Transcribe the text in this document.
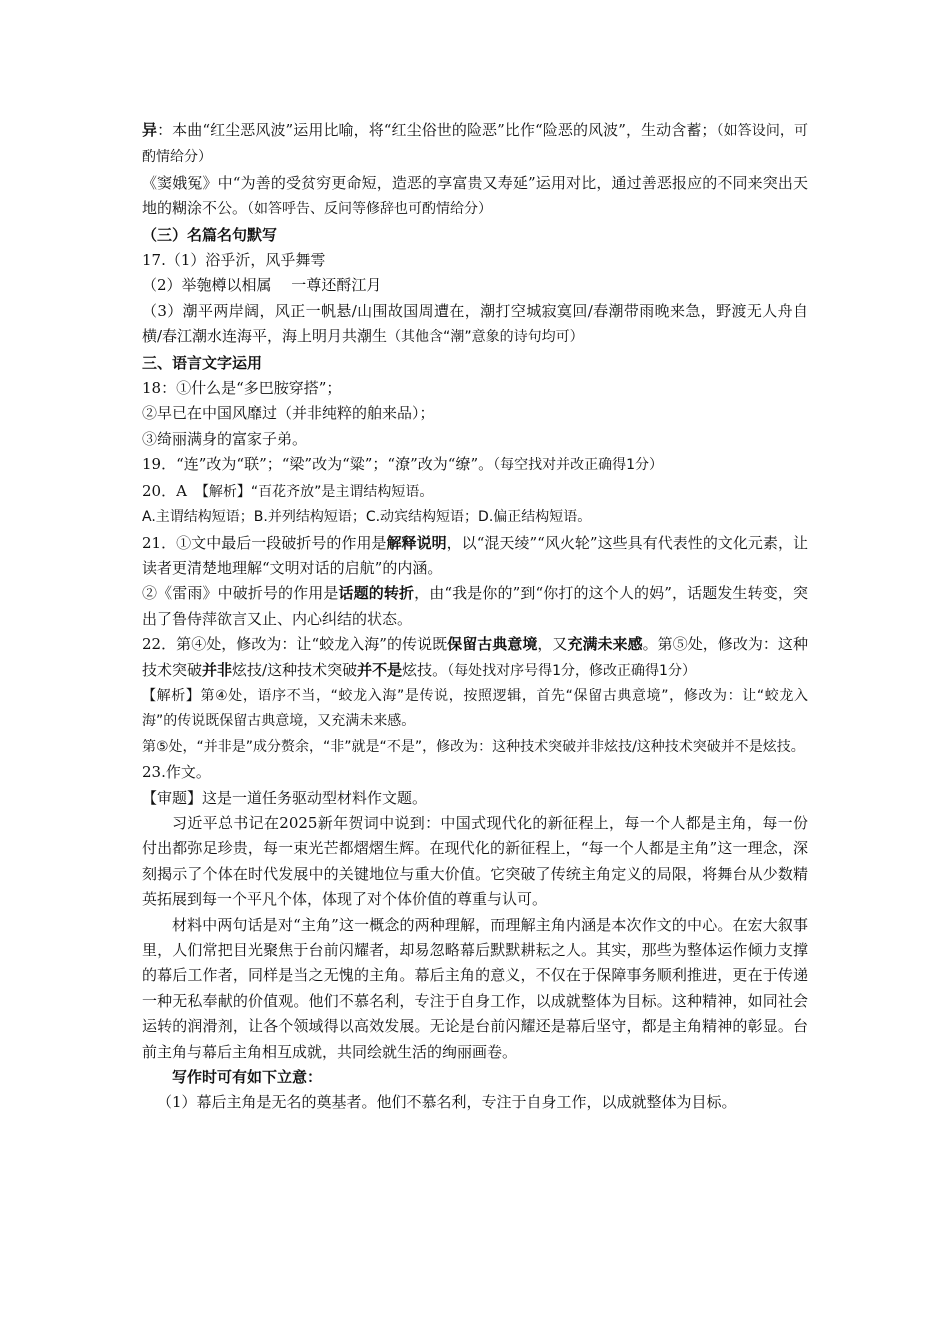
异：本曲“红尘恶风波”运用比喻，将“红尘俗世的险恶”比作“险恶的风波”，生动含蓄；（如答设问，可酌情给分）

《窦娥冤》中“为善的受贫穷更命短，造恶的享富贵又寿延”运用对比，通过善恶报应的不同来突出天地的糊涂不公。（如答呼告、反问等修辞也可酌情给分）

（三）名篇名句默写

17.（1）浴乎沂，风乎舞雩

（2）举匏樽以相属　 一尊还酹江月

（3）潮平两岸阔，风正一帆悬/山围故国周遭在，潮打空城寂寞回/春潮带雨晚来急，野渡无人舟自横/春江潮水连海平，海上明月共潮生（其他含“潮”意象的诗句均可）

三、语言文字运用

18：①什么是“多巴胺穿搭”；

②早已在中国风靡过（并非纯粹的舶来品）；

③绮丽满身的富家子弟。

19．“连”改为“联”；“梁”改为“粱”；“潦”改为“缭”。（每空找对并改正确得1分）

20．A　【解析】“百花齐放”是主谓结构短语。

A.主谓结构短语；B.并列结构短语；C.动宾结构短语；D.偏正结构短语。

21．①文中最后一段破折号的作用是解释说明，以“混天绫”“风火轮”这些具有代表性的文化元素，让读者更清楚地理解“文明对话的启航”的内涵。

②《雷雨》中破折号的作用是话题的转折，由“我是你的”到“你打的这个人的妈”，话题发生转变，突出了鲁侍萍欲言又止、内心纠结的状态。

22．第④处，修改为：让“蛟龙入海”的传说既保留古典意境，又充满未来感。第⑤处，修改为：这种技术突破并非炫技/这种技术突破并不是炫技。（每处找对序号得1分，修改正确得1分）

【解析】第④处，语序不当，“蛟龙入海”是传说，按照逻辑，首先“保留古典意境”，修改为：让“蛟龙入海”的传说既保留古典意境，又充满未来感。

第⑤处，“并非是”成分赘余，“非”就是“不是”，修改为：这种技术突破并非炫技/这种技术突破并不是炫技。

23.作文。

【审题】这是一道任务驱动型材料作文题。

习近平总书记在2025新年贺词中说到：中国式现代化的新征程上，每一个人都是主角，每一份付出都弥足珍贵，每一束光芒都熠熠生辉。在现代化的新征程上，“每一个人都是主角”这一理念，深刻揭示了个体在时代发展中的关键地位与重大价值。它突破了传统主角定义的局限，将舞台从少数精英拓展到每一个平凡个体，体现了对个体价值的尊重与认可。

材料中两句话是对“主角”这一概念的两种理解，而理解主角内涵是本次作文的中心。在宏大叙事里，人们常把目光聚焦于台前闪耀者，却易忽略幕后默默耕耘之人。其实，那些为整体运作倾力支撑的幕后工作者，同样是当之无愧的主角。幕后主角的意义，不仅在于保障事务顺利推进，更在于传递一种无私奉献的价值观。他们不慕名利，专注于自身工作，以成就整体为目标。这种精神，如同社会运转的润滑剂，让各个领域得以高效发展。无论是台前闪耀还是幕后坚守，都是主角精神的彰显。台前主角与幕后主角相互成就，共同绘就生活的绚丽画卷。

写作时可有如下立意：

（1）幕后主角是无名的奠基者。他们不慕名利，专注于自身工作，以成就整体为目标。
